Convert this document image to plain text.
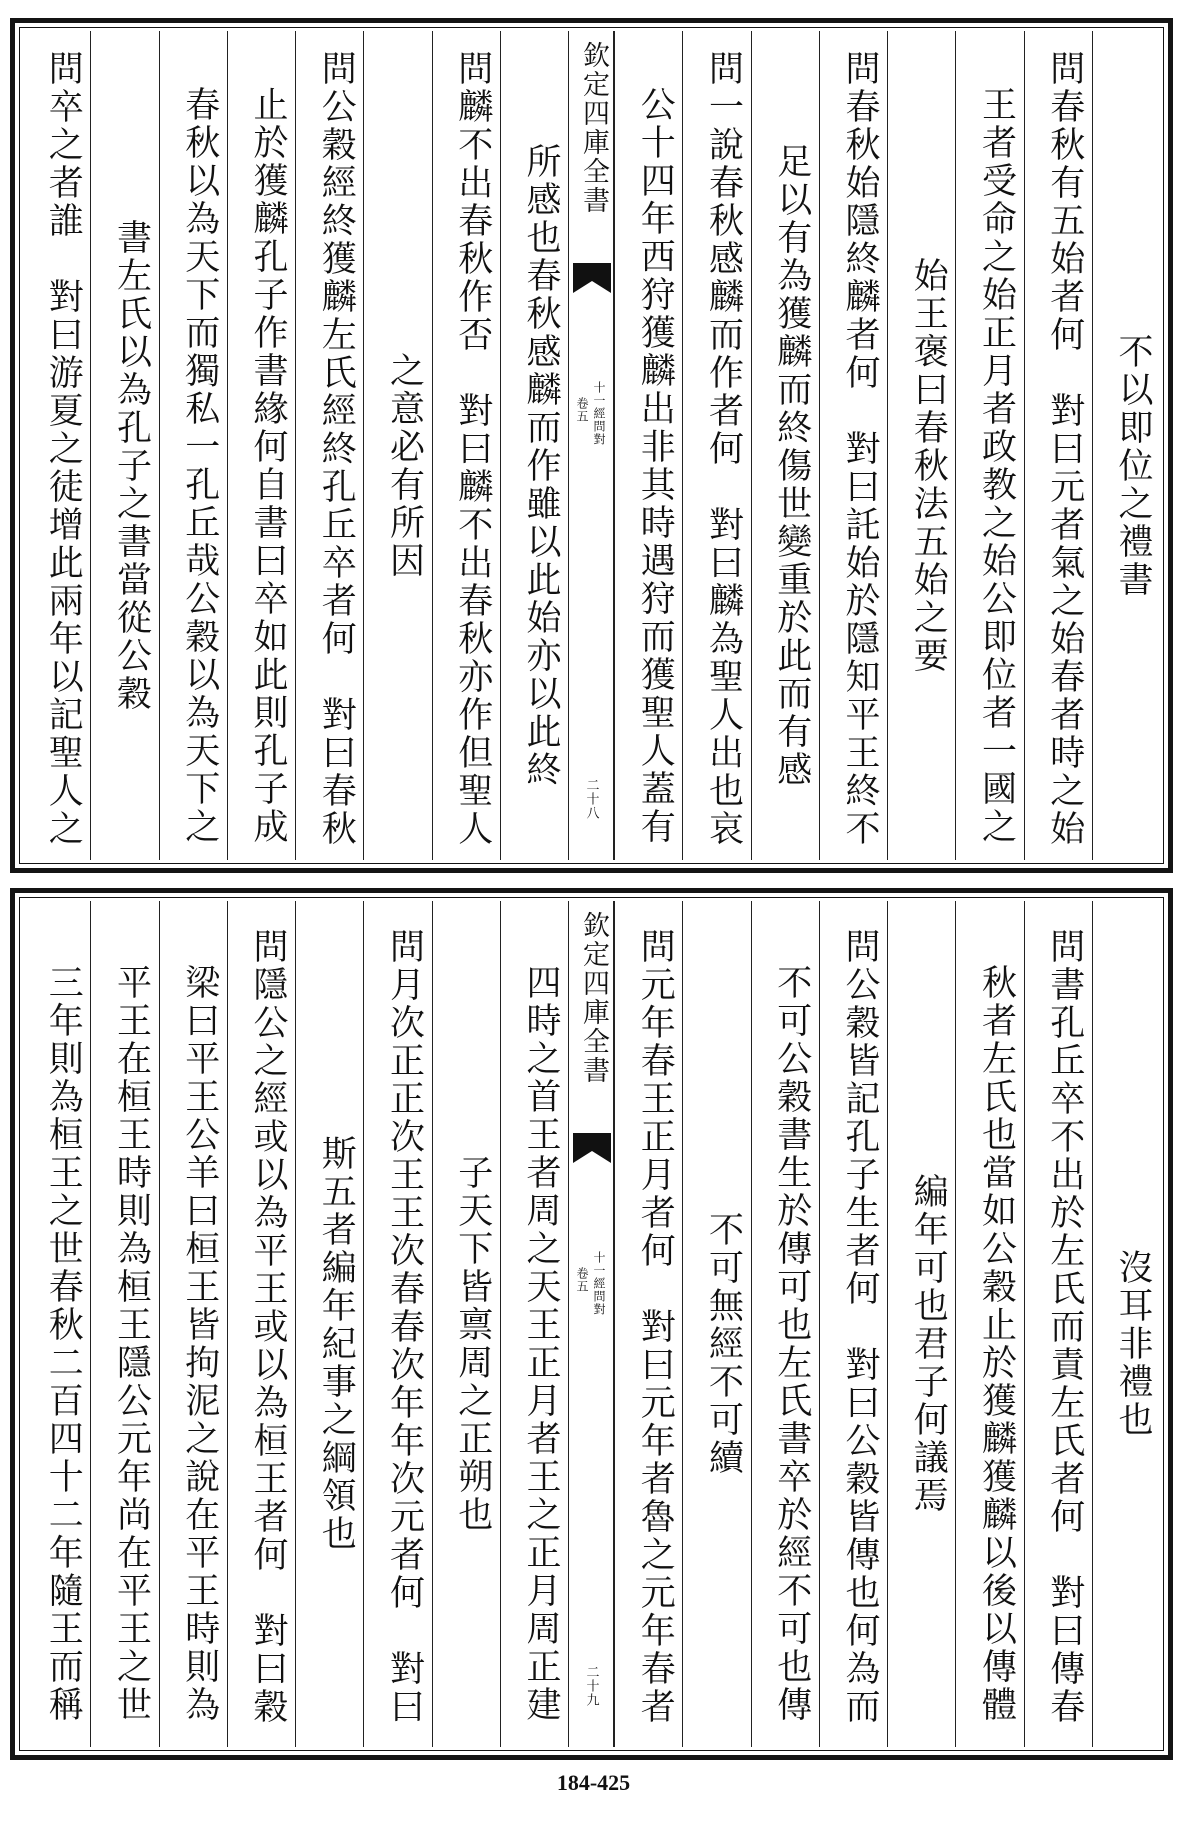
不以即位之禮書
問春秋有五始者何　對曰元者氣之始春者時之始
王者受命之始正月者政教之始公即位者一國之
始王褒曰春秋法五始之要
問春秋始隱終麟者何　對曰託始於隱知平王終不
足以有為獲麟而終傷世變重於此而有感
問一說春秋感麟而作者何　對曰麟為聖人出也哀
公十四年西狩獲麟出非其時遇狩而獲聖人蓋有
欽定四庫全書
十一經問對
卷五
二十八
所感也春秋感麟而作雖以此始亦以此終
問麟不出春秋作否　對曰麟不出春秋亦作但聖人
之意必有所因
問公穀經終獲麟左氏經終孔丘卒者何　對曰春秋
止於獲麟孔子作書緣何自書曰卒如此則孔子成
春秋以為天下而獨私一孔丘哉公穀以為天下之
書左氏以為孔子之書當從公穀
問卒之者誰　對曰游夏之徒增此兩年以記聖人之
沒耳非禮也
問書孔丘卒不出於左氏而責左氏者何　對曰傳春
秋者左氏也當如公穀止於獲麟獲麟以後以傳體
編年可也君子何議焉
問公穀皆記孔子生者何　對曰公穀皆傳也何為而
不可公穀書生於傳可也左氏書卒於經不可也傳
不可無經不可續
問元年春王正月者何　對曰元年者魯之元年春者
欽定四庫全書
十一經問對
卷五
二十九
四時之首王者周之天王正月者王之正月周正建
子天下皆禀周之正朔也
問月次正正次王王次春春次年年次元者何　對曰
斯五者編年紀事之綱領也
問隱公之經或以為平王或以為桓王者何　對曰穀
梁曰平王公羊曰桓王皆拘泥之說在平王時則為
平王在桓王時則為桓王隱公元年尚在平王之世
三年則為桓王之世春秋二百四十二年隨王而稱
184-425
